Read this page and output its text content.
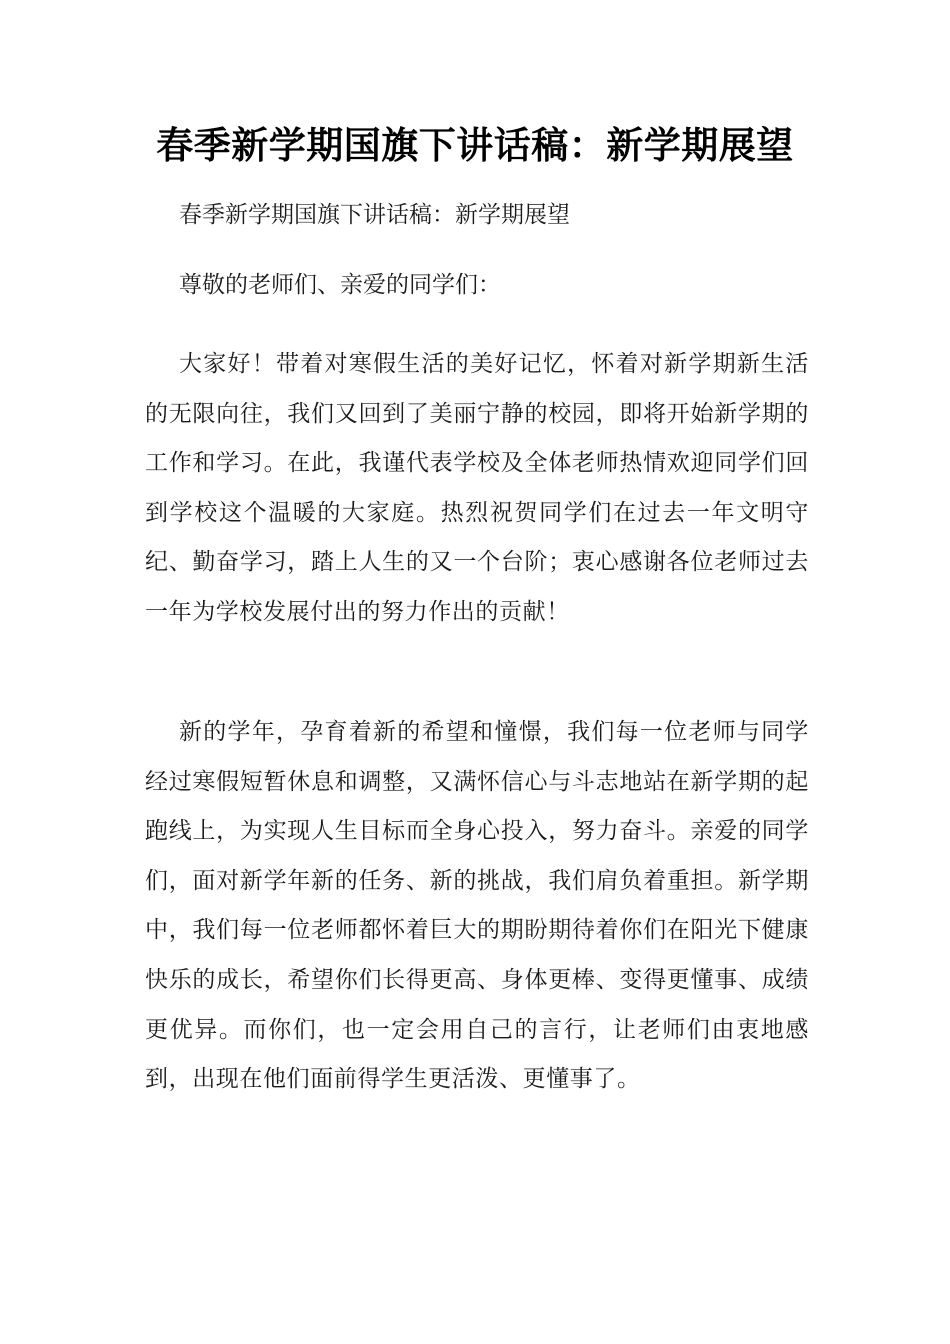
春季新学期国旗下讲话稿：新学期展望

春季新学期国旗下讲话稿：新学期展望

尊敬的老师们、亲爱的同学们：

大家好！带着对寒假生活的美好记忆，怀着对新学期新生活的无限向往，我们又回到了美丽宁静的校园，即将开始新学期的工作和学习。在此，我谨代表学校及全体老师热情欢迎同学们回到学校这个温暖的大家庭。热烈祝贺同学们在过去一年文明守纪、勤奋学习，踏上人生的又一个台阶；衷心感谢各位老师过去一年为学校发展付出的努力作出的贡献！

新的学年，孕育着新的希望和憧憬，我们每一位老师与同学经过寒假短暂休息和调整，又满怀信心与斗志地站在新学期的起跑线上，为实现人生目标而全身心投入，努力奋斗。亲爱的同学们，面对新学年新的任务、新的挑战，我们肩负着重担。新学期中，我们每一位老师都怀着巨大的期盼期待着你们在阳光下健康快乐的成长，希望你们长得更高、身体更棒、变得更懂事、成绩更优异。而你们，也一定会用自己的言行，让老师们由衷地感到，出现在他们面前得学生更活泼、更懂事了。
